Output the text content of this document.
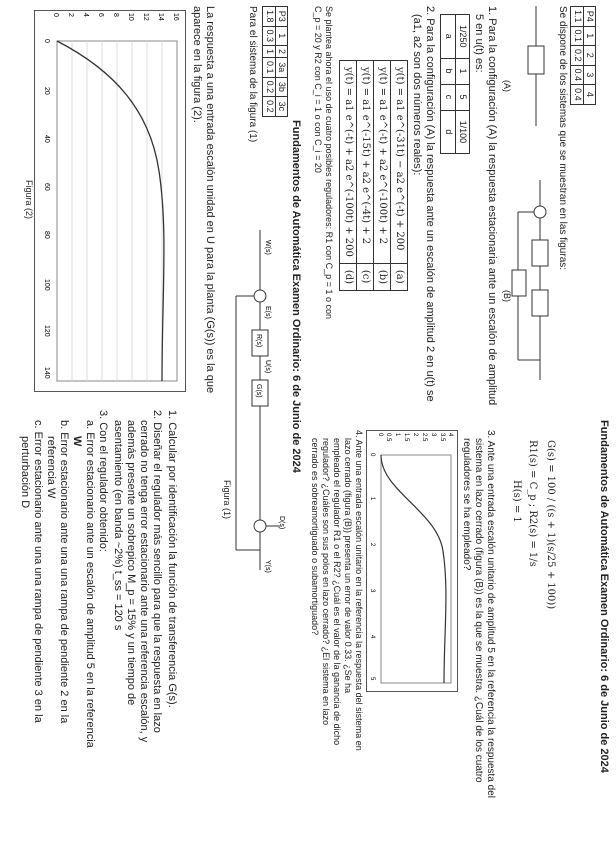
Fundamentos de Automática Examen Ordinario: 6 de Junio de 2024
P3	1	2	3a	3b	3c
1.8	0.3	1	0.1	0.2	0.2
Para el sistema de la figura (1)
W(s)
E(s)
R(s)
U(s)
G(s)
D(s)
Y(s)
Figura (1)
La respuesta a una entrada escalón unidad en U para la planta (G(s)) es la que
aparece en la figura (2).
0 2 4 6 8 10 12 14 16
0
20
40
60
80
100
120
140
Figura (2)
1. Calcular por identificación la función de transferencia G(s).
2. Diseñar el regulador más sencillo para que la respuesta en lazo
cerrado no tenga error estacionario ante una referencia escalón, y
además presente un sobrepico M_p = 15% y un tiempo de
asentamiento (en banda ~2%) t_ss = 120 s
3. Con el regulador obtenido:
a. Error estacionario ante un escalón de amplitud 5 en la referencia
W
b. Error estacionario ante una una rampa de pendiente 2 en la
referencia W
c. Error estacionario ante una una rampa de pendiente 3 en la
perturbación D	Fundamentos de Automática Examen Ordinario: 6 de Junio de 2024
P4	1	2	3	4
1.1	0.1	0.2	0.4	0.4
Se dispone de los sistemas que se muestran en las figuras:
(A)
(B)
G(s) = 100 / ((s + 1)(s/25 + 100))
R1(s) = C_p ; R2(s) = 1/s
H(s) = 1
1. Para la configuración (A) la respuesta estacionaria ante un escalón de amplitud
5 en u(t) es:
1/250	1	5	1/100
a	b	c	d
2. Para la configuración (A) la respuesta ante un escalón de amplitud 2 en u(t) se
(a1, a2 son dos números reales):
y(t) = a1 e^(-31t) − a2 e^(-t) + 200	(a)
y(t) = a1 e^(-t) + a2 e^(-100t) + 2	(b)
y(t) = a1 e^(-15t) + a2 e^(-4t) + 2	(c)
y(t) = a1 e^(-t) + a2 e^(-100t) + 200	(d)
Se plantea ahora el uso de cuatro posibles reguladores: R1 con C_p = 1 o con
C_p = 20 y R2 con C_i = 1 o con C_i = 20
3. Ante una entrada escalón unitario de amplitud 5 en la referencia la respuesta del
sistema en lazo cerrado (figura (B)) es la que se muestra. ¿Cuál de los cuatro
reguladores se ha empleado?
0 0.5 1 1.5 2 2.5 3 3.5 4
0
1
2
3
4
5
4. Ante una entrada escalón unitario en la referencia la respuesta del sistema en
lazo cerrado (figura (B)) presenta un error de valor 0.33. ¿Se ha
empleado el regulador R1 o el R2? ¿Cuál es el valor de la ganancia de dicho
regulador? ¿Cuáles son sus polos en lazo cerrado? ¿El sistema en lazo
cerrado es sobreamortiguado o subamortiguado?
